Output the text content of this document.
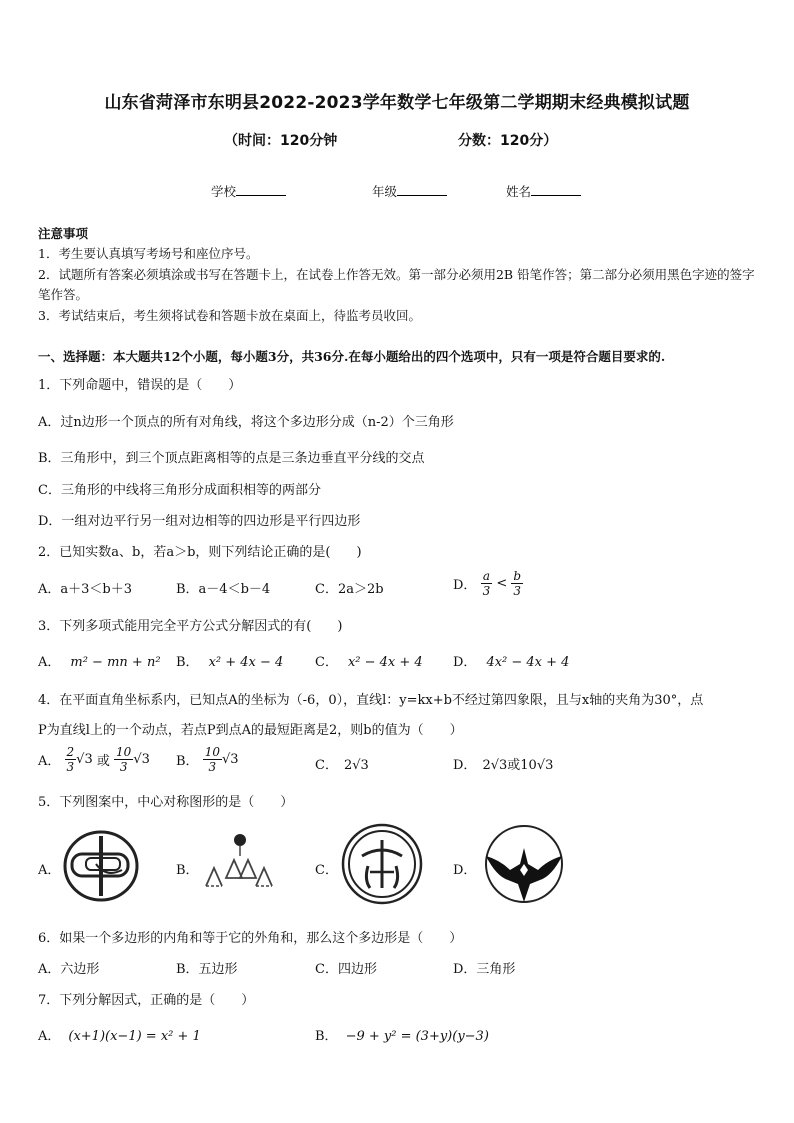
山东省菏泽市东明县2022-2023学年数学七年级第二学期期末经典模拟试题
（时间：120分钟	分数：120分）
学校	年级	姓名
注意事项
1．考生要认真填写考场号和座位序号。
2．试题所有答案必须填涂或书写在答题卡上，在试卷上作答无效。第一部分必须用2B 铅笔作答；第二部分必须用黑色字迹的签字笔作答。
3．考试结束后，考生须将试卷和答题卡放在桌面上，待监考员收回。
一、选择题：本大题共12个小题，每小题3分，共36分.在每小题给出的四个选项中，只有一项是符合题目要求的.
1．下列命题中，错误的是（　　）
A．过n边形一个顶点的所有对角线，将这个多边形分成（n-2）个三角形
B．三角形中，到三个顶点距离相等的点是三条边垂直平分线的交点
C．三角形的中线将三角形分成面积相等的两部分
D．一组对边平行另一组对边相等的四边形是平行四边形
2．已知实数a、b，若a＞b，则下列结论正确的是(　　)
A．a＋3＜b＋3	B．a－4＜b－4	C．2a＞2b	D． $\frac{a}{3} < \frac{b}{3}$
3．下列多项式能用完全平方公式分解因式的有(　　)
A． m² − mn + n² B． x² + 4x − 4 C． x² − 4x + 4 D． 4x² − 4x + 4
4．在平面直角坐标系内，已知点A的坐标为（-6，0），直线l：y=kx+b不经过第四象限，且与x轴的夹角为30°，点
P为直线l上的一个动点，若点P到点A的最短距离是2，则b的值为（　　）
A． $\frac{2}{3} √3$ 或 $\frac{10}{3} √3$ B． $\frac{10}{3} √3$	C． 2√3	D． 2√3或10√3
5．下列图案中，中心对称图形的是（　　）
A．	B．	C．	D．
6．如果一个多边形的内角和等于它的外角和，那么这个多边形是（　　）
A．六边形	B．五边形	C．四边形	D．三角形
7．下列分解因式，正确的是（　　）
A． (x+1)(x−1) = x² + 1	B． −9 + y² = (3+y)(y−3)
